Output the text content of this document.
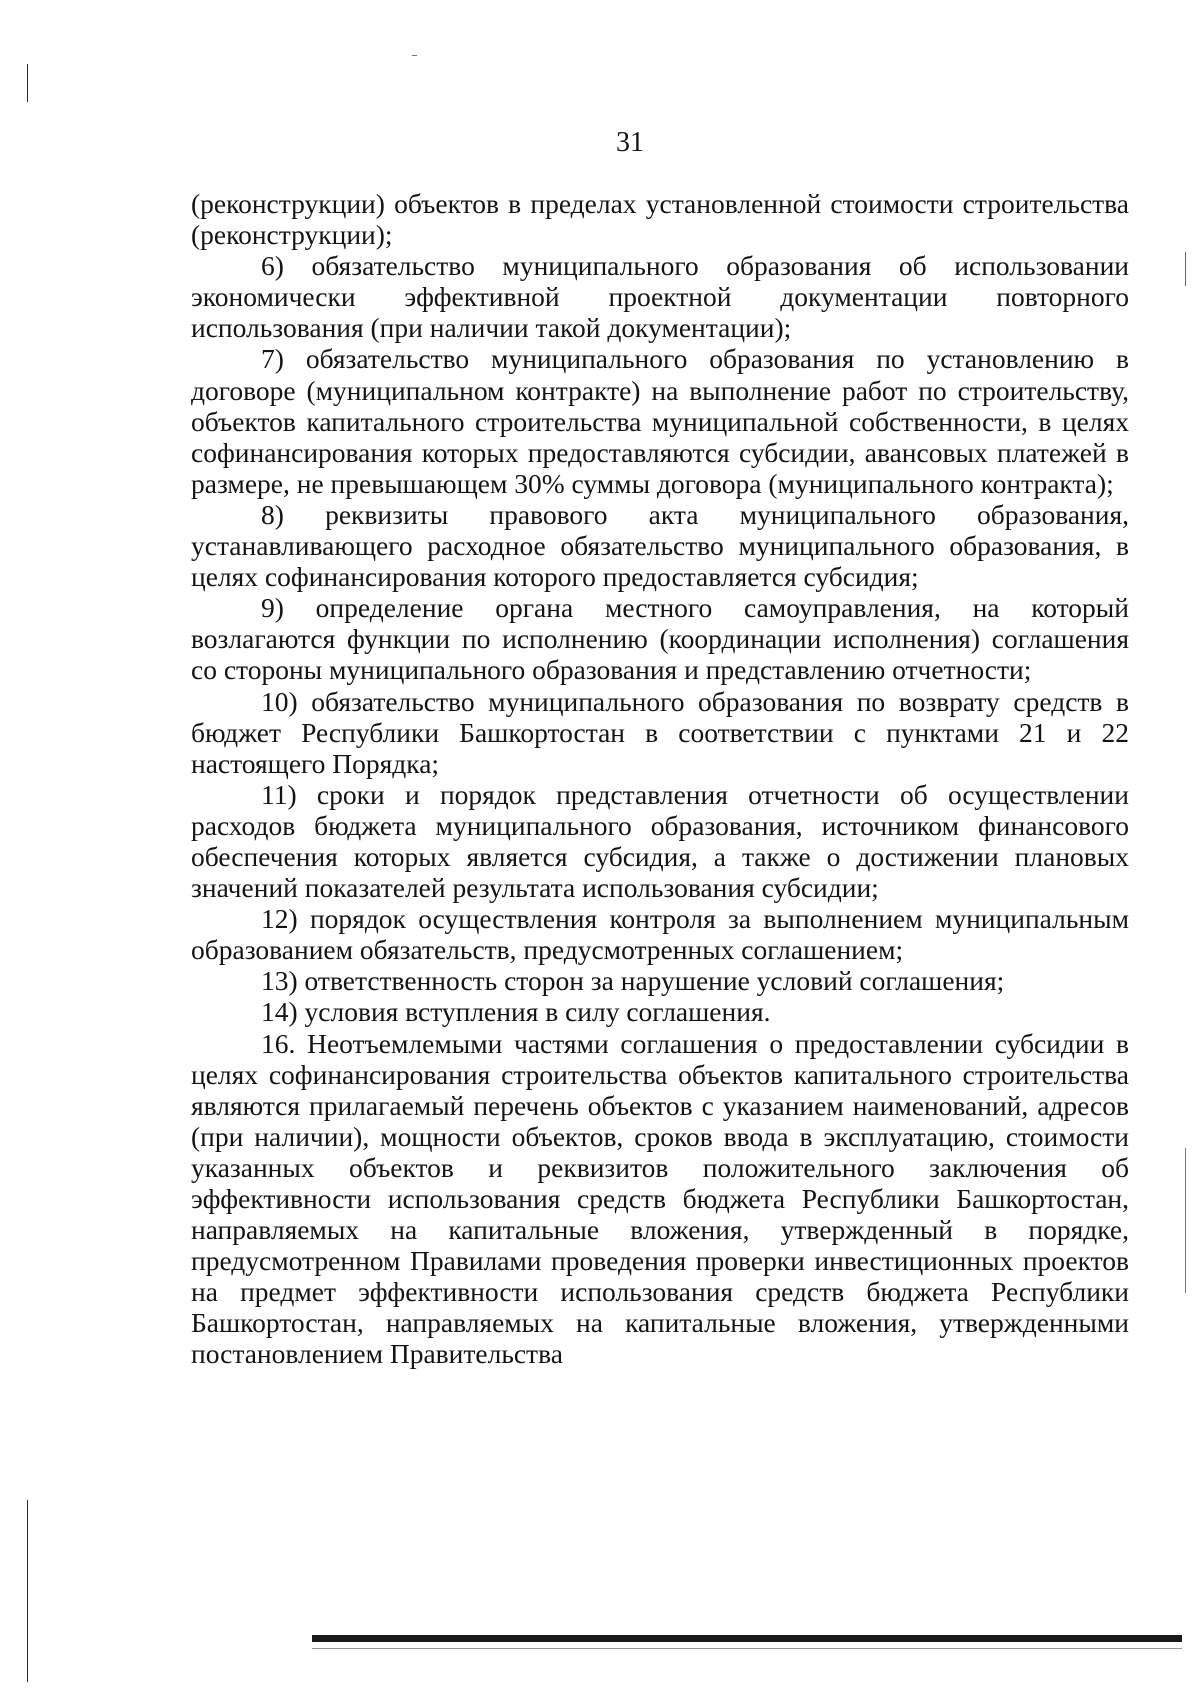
31

(реконструкции) объектов в пределах установленной стоимости строительства (реконструкции);

6) обязательство муниципального образования об использовании экономически эффективной проектной документации повторного использования (при наличии такой документации);

7) обязательство муниципального образования по установлению в договоре (муниципальном контракте) на выполнение работ по строительству, объектов капитального строительства муниципальной собственности, в целях софинансирования которых предоставляются субсидии, авансовых платежей в размере, не превышающем 30% суммы договора (муниципального контракта);

8) реквизиты правового акта муниципального образования, устанавливающего расходное обязательство муниципального образования, в целях софинансирования которого предоставляется субсидия;

9) определение органа местного самоуправления, на который возлагаются функции по исполнению (координации исполнения) соглашения со стороны муниципального образования и представлению отчетности;

10) обязательство муниципального образования по возврату средств в бюджет Республики Башкортостан в соответствии с пунктами 21 и 22 настоящего Порядка;

11) сроки и порядок представления отчетности об осуществлении расходов бюджета муниципального образования, источником финансового обеспечения которых является субсидия, а также о достижении плановых значений показателей результата использования субсидии;

12) порядок осуществления контроля за выполнением муниципальным образованием обязательств, предусмотренных соглашением;

13) ответственность сторон за нарушение условий соглашения;

14) условия вступления в силу соглашения.

16. Неотъемлемыми частями соглашения о предоставлении субсидии в целях софинансирования строительства объектов капитального строительства являются прилагаемый перечень объектов с указанием наименований, адресов (при наличии), мощности объектов, сроков ввода в эксплуатацию, стоимости указанных объектов и реквизитов положительного заключения об эффективности использования средств бюджета Республики Башкортостан, направляемых на капитальные вложения, утвержденный в порядке, предусмотренном Правилами проведения проверки инвестиционных проектов на предмет эффективности использования средств бюджета Республики Башкортостан, направляемых на капитальные вложения, утвержденными постановлением Правительства
